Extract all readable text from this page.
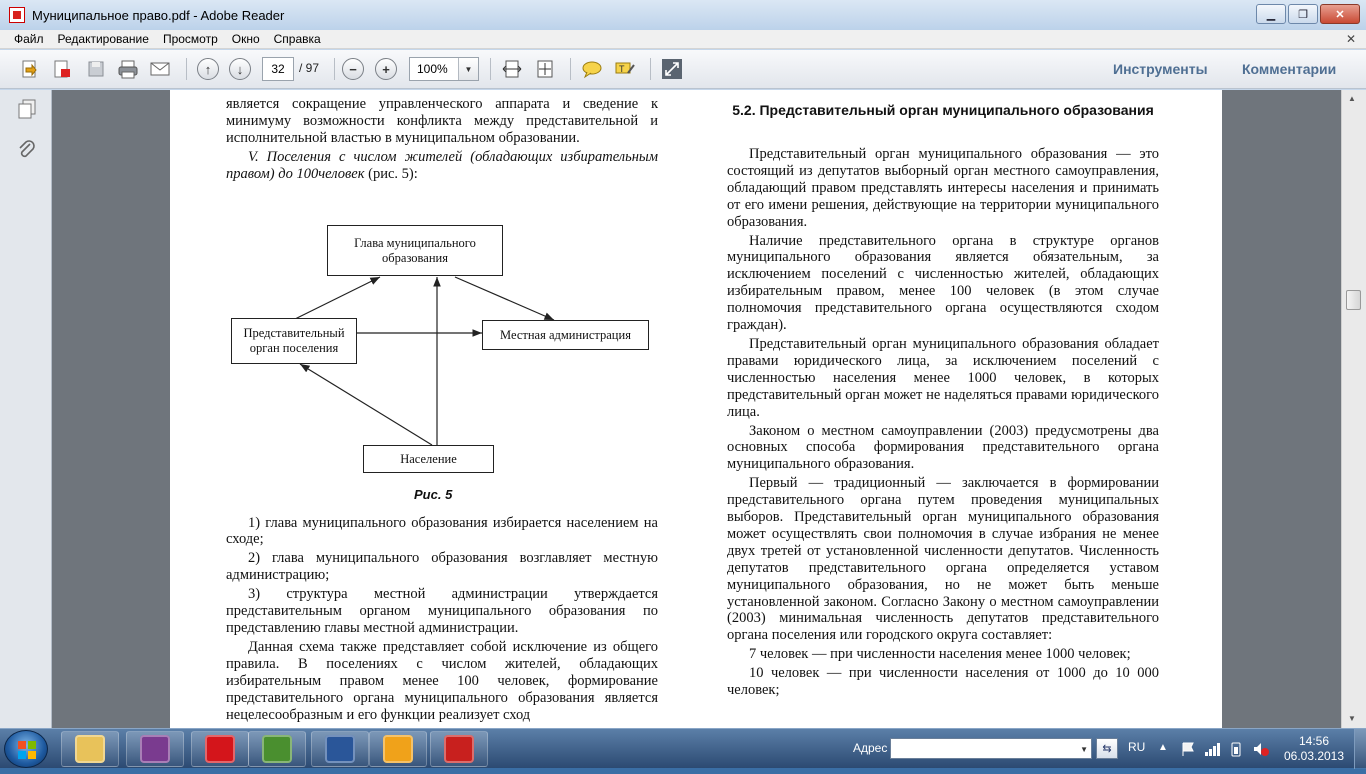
Муниципальное право.pdf - Adobe Reader	▁	❐	✕
Файл Редактирование Просмотр Окно Справка	✕
↑	↓	−	+	T
32	/ 97	100%	▼	Инструменты Комментарии

является сокращение управленческого аппарата и сведение к минимуму возможности конфликта между представительной и исполнительной властью в муниципальном образовании.

V. Поселения с числом жителей (обладающих избирательным правом) до 100человек (рис. 5):

1) глава муниципального образования избирается населением на сходе;

2) глава муниципального образования возглавляет местную администрацию;

3) структура местной администрации утверждается представительным органом муниципального образования по представлению главы местной администрации.

Данная схема также представляет собой исключение из общего правила. В поселениях с числом жителей, обладающих избирательным правом менее 100 человек, формирование представительного органа муниципального образования является нецелесообразным и его функции реализует сход

Глава муниципального образования
Представительный орган поселения
Местная администрация
Население
Рис. 5
5.2. Представительный орган муниципального образования

Представительный орган муниципального образования — это состоящий из депутатов выборный орган местного самоуправления, обладающий правом представлять интересы населения и принимать от его имени решения, действующие на территории муниципального образования.

Наличие представительного органа в структуре органов муниципального образования является обязательным, за исключением поселений с численностью жителей, обладающих избирательным правом, менее 100 человек (в этом случае полномочия представительного органа осуществляются сходом граждан).

Представительный орган муниципального образования обладает правами юридического лица, за исключением поселений с численностью населения менее 1000 человек, в которых представительный орган может не наделяться правами юридического лица.

Законом о местном самоуправлении (2003) предусмотрены два основных способа формирования представительного органа муниципального образования.

Первый — традиционный — заключается в формировании представительного органа путем проведения муниципальных выборов. Представительный орган муниципального образования может осуществлять свои полномочия в случае избрания не менее двух третей от установленной численности депутатов. Численность депутатов представительного органа определяется уставом муниципального образования, но не может быть меньше установленной законом. Согласно Закону о местном самоуправлении (2003) минимальная численность депутатов представительного органа поселения или городского округа составляет:

7 человек — при численности населения менее 1000 человек;

10 человек — при численности населения от 1000 до 10 000 человек;

▲
▼
Адрес	▼	⇆	RU ▲	14:56
06.03.2013
